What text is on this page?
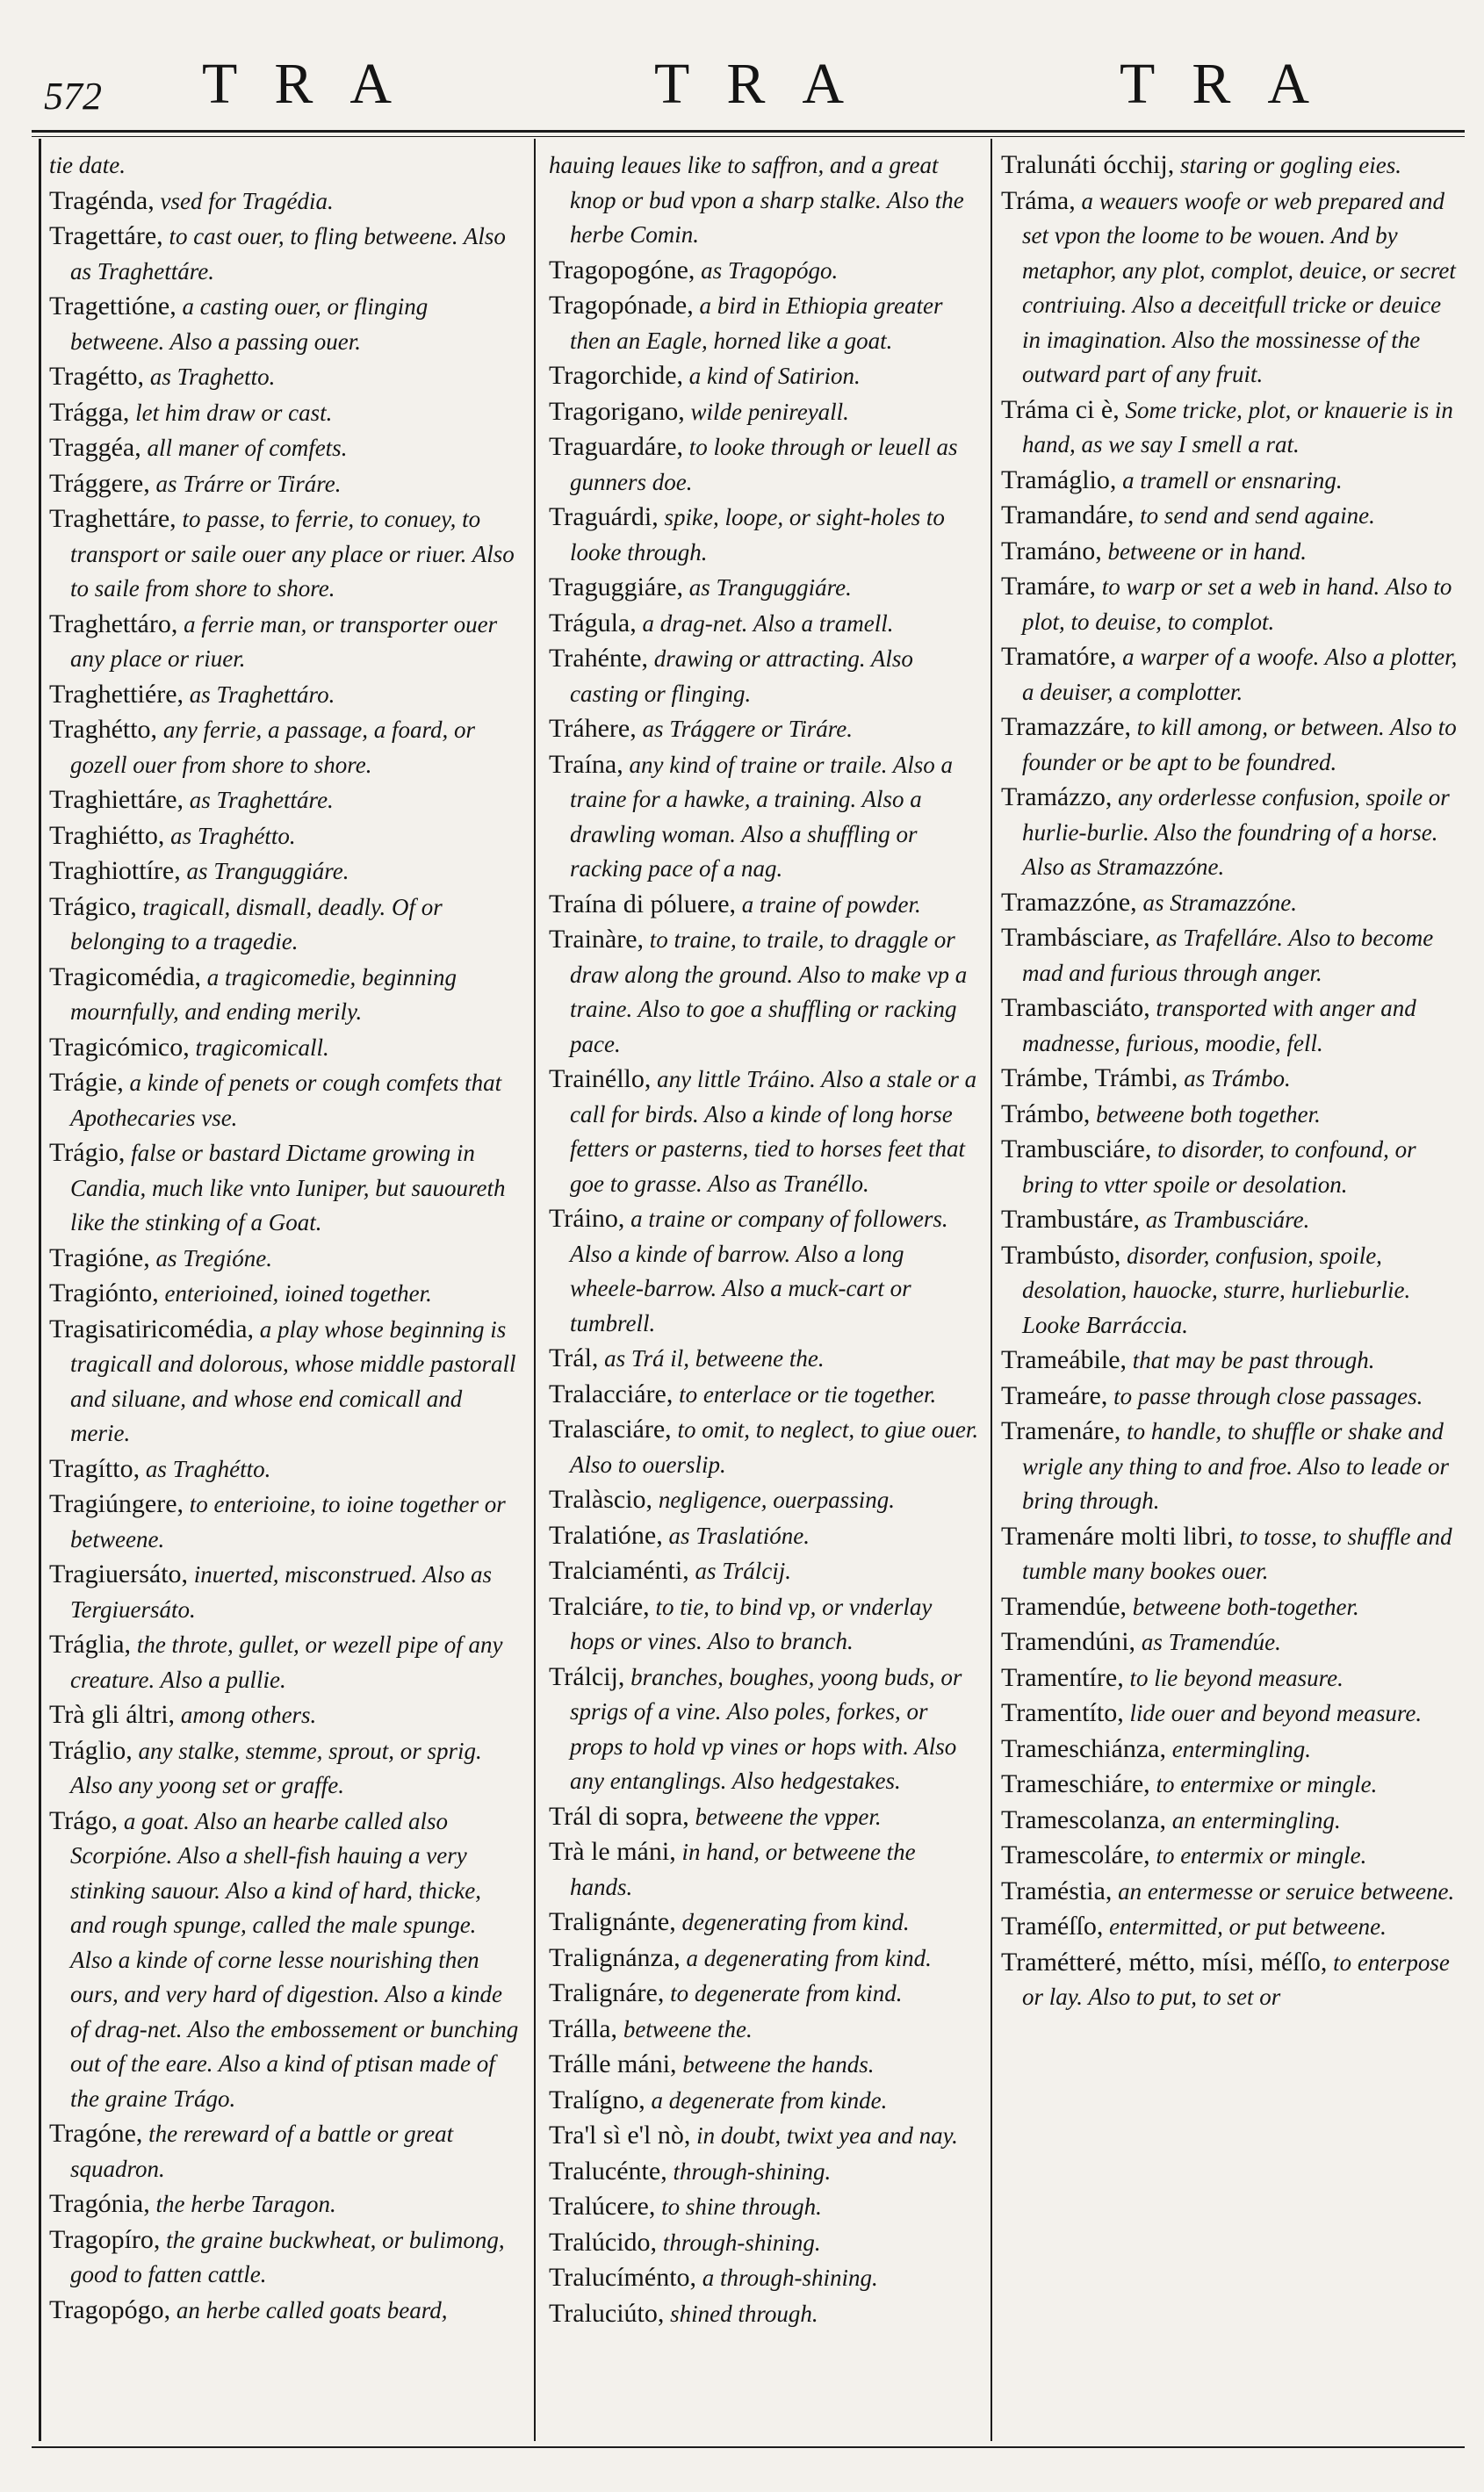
572 TRA	TRA	TRA

tie date.

Tragénda, vsed for Tragédia.

Tragettáre, to cast ouer, to fling betweene. Also as Traghettáre.

Tragettióne, a casting ouer, or flinging betweene. Also a passing ouer.

Tragétto, as Traghetto.

Trágga, let him draw or cast.

Traggéa, all maner of comfets.

Trággere, as Trárre or Tiráre.

Traghettáre, to passe, to ferrie, to conuey, to transport or saile ouer any place or riuer. Also to saile from shore to shore.

Traghettáro, a ferrie man, or transporter ouer any place or riuer.

Traghettiére, as Traghettáro.

Traghétto, any ferrie, a passage, a foard, or gozell ouer from shore to shore.

Traghiettáre, as Traghettáre.

Traghiétto, as Traghétto.

Traghiottíre, as Tranguggiáre.

Trágico, tragicall, dismall, deadly. Of or belonging to a tragedie.

Tragicomédia, a tragicomedie, beginning mournfully, and ending merily.

Tragicómico, tragicomicall.

Trágie, a kinde of penets or cough comfets that Apothecaries vse.

Trágio, false or bastard Dictame growing in Candia, much like vnto Iuniper, but sauoureth like the stinking of a Goat.

Tragióne, as Tregióne.

Tragiónto, enterioined, ioined together.

Tragisatiricomédia, a play whose beginning is tragicall and dolorous, whose middle pastorall and siluane, and whose end comicall and merie.

Tragítto, as Traghétto.

Tragiúngere, to enterioine, to ioine together or betweene.

Tragiuersáto, inuerted, misconstrued. Also as Tergiuersáto.

Trágliа, the throte, gullet, or wezell pipe of any creature. Also a pullie.

Trà gli áltri, among others.

Tráglio, any stalke, stemme, sprout, or sprig. Also any yoong set or graffe.

Trágo, a goat. Also an hearbe called also Scorpióne. Also a shell-fish hauing a very stinking sauour. Also a kind of hard, thicke, and rough spunge, called the male spunge. Also a kinde of corne lesse nourishing then ours, and very hard of digestion. Also a kinde of drag-net. Also the embossement or bunching out of the eare. Also a kind of ptisan made of the graine Trágo.

Tragóne, the rereward of a battle or great squadron.

Tragónia, the herbe Taragon.

Tragopíro, the graine buckwheat, or bulimong, good to fatten cattle.

Tragopógo, an herbe called goats beard,

hauing leaues like to saffron, and a great knop or bud vpon a sharp stalke. Also the herbe Comin.

Tragopogóne, as Tragopógo.

Tragopónade, a bird in Ethiopia greater then an Eagle, horned like a goat.

Tragorchide, a kind of Satirion.

Tragorigano, wilde penireyall.

Traguardáre, to looke through or leuell as gunners doe.

Traguárdi, spike, loope, or sight-holes to looke through.

Traguggiáre, as Tranguggiáre.

Trágula, a drag-net. Also a tramell.

Trahénte, drawing or attracting. Also casting or flinging.

Tráhere, as Trággere or Tiráre.

Traína, any kind of traine or traile. Also a traine for a hawke, a training. Also a drawling woman. Also a shuffling or racking pace of a nag.

Traína di póluere, a traine of powder.

Trainàre, to traine, to traile, to draggle or draw along the ground. Also to make vp a traine. Also to goe a shuffling or racking pace.

Trainéllo, any little Tráino. Also a stale or a call for birds. Also a kinde of long horse fetters or pasterns, tied to horses feet that goe to grasse. Also as Tranéllo.

Tráino, a traine or company of followers. Also a kinde of barrow. Also a long wheele-barrow. Also a muck-cart or tumbrell.

Trál, as Trá il, betweene the.

Tralacciáre, to enterlace or tie together.

Tralasciáre, to omit, to neglect, to giue ouer. Also to ouerslip.

Tralàscio, negligence, ouerpassing.

Tralatióne, as Traslatióne.

Tralciaménti, as Trálcij.

Tralciáre, to tie, to bind vp, or vnderlay hops or vines. Also to branch.

Trálcij, branches, boughes, yoong buds, or sprigs of a vine. Also poles, forkes, or props to hold vp vines or hops with. Also any entanglings. Also hedgestakes.

Trál di sopra, betweene the vpper.

Trà le máni, in hand, or betweene the hands.

Tralignánte, degenerating from kind.

Tralignánza, a degenerating from kind.

Tralignáre, to degenerate from kind.

Trálla, betweene the.

Trálle máni, betweene the hands.

Tralígno, a degenerate from kinde.

Tra'l sì e'l nò, in doubt, twixt yea and nay.

Tralucénte, through-shining.

Tralúcere, to shine through.

Tralúcido, through-shining.

Tralucíménto, a through-shining.

Traluciúto, shined through.

Tralunáti ócchij, staring or gogling eies.

Tráma, a weauers woofe or web prepared and set vpon the loome to be wouen. And by metaphor, any plot, complot, deuice, or secret contriuing. Also a deceitfull tricke or deuice in imagination. Also the mossinesse of the outward part of any fruit.

Tráma ci è, Some tricke, plot, or knauerie is in hand, as we say I smell a rat.

Tramáglio, a tramell or ensnaring.

Tramandáre, to send and send againe.

Tramáno, betweene or in hand.

Tramáre, to warp or set a web in hand. Also to plot, to deuise, to complot.

Tramatóre, a warper of a woofe. Also a plotter, a deuiser, a complotter.

Tramazzáre, to kill among, or between. Also to founder or be apt to be foundred.

Tramázzo, any orderlesse confusion, spoile or hurlie-burlie. Also the foundring of a horse. Also as Stramazzóne.

Tramazzóne, as Stramazzóne.

Trambásciare, as Trafelláre. Also to become mad and furious through anger.

Trambasciáto, transported with anger and madnesse, furious, moodie, fell.

Trámbe, Trámbi, as Trámbo.

Trámbo, betweene both together.

Trambusciáre, to disorder, to confound, or bring to vtter spoile or desolation.

Trambustáre, as Trambusciáre.

Trambústo, disorder, confusion, spoile, desolation, hauocke, sturre, hurlieburlie. Looke Barráccia.

Trameábile, that may be past through.

Trameáre, to passe through close passages.

Tramenáre, to handle, to shuffle or shake and wrigle any thing to and froe. Also to leade or bring through.

Tramenáre molti libri, to tosse, to shuffle and tumble many bookes ouer.

Tramendúe, betweene both-together.

Tramendúni, as Tramendúe.

Tramentíre, to lie beyond measure.

Tramentíto, lide ouer and beyond measure.

Trameschiánza, entermingling.

Trameschiáre, to entermixe or mingle.

Tramescolanza, an entermingling.

Tramescoláre, to entermix or mingle.

Traméstia, an entermesse or seruice betweene.

Traméſſo, entermitted, or put betweene.

Tramétteré, métto, mísi, méſſo, to enterpose or lay. Also to put, to set or
